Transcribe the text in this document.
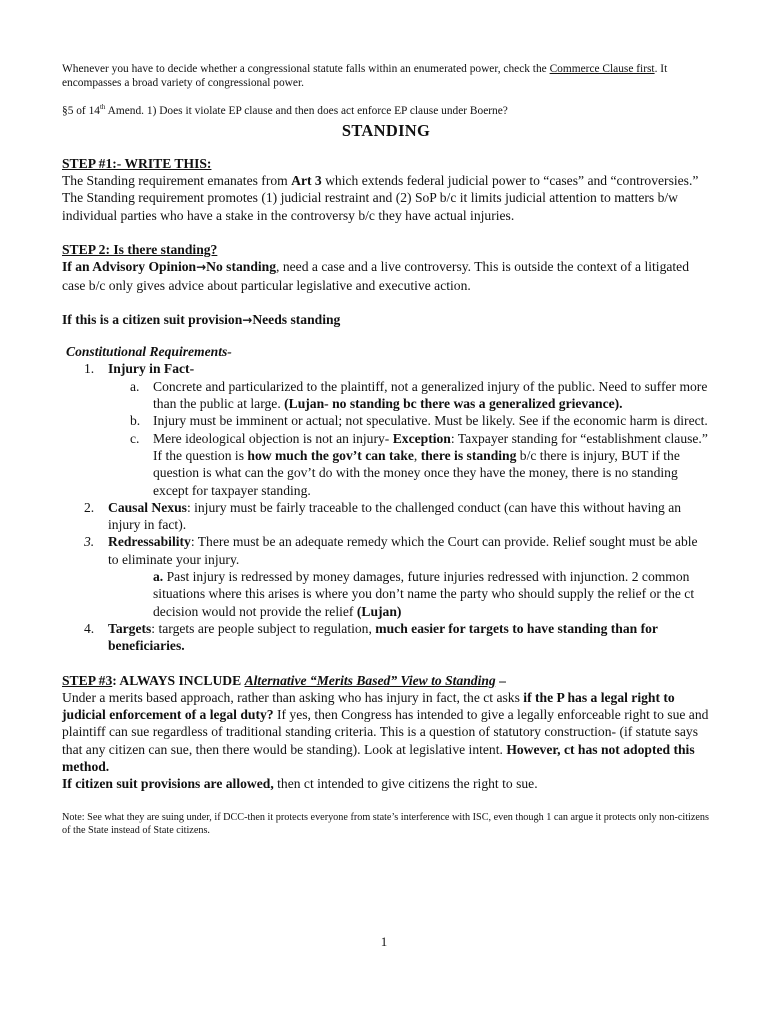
Whenever you have to decide whether a congressional statute falls within an enumerated power, check the Commerce Clause first. It encompasses a broad variety of congressional power.

§5 of 14th Amend. 1) Does it violate EP clause and then does act enforce EP clause under Boerne?

STANDING

STEP #1:- WRITE THIS:

The Standing requirement emanates from Art 3 which extends federal judicial power to “cases” and “controversies.” The Standing requirement promotes (1) judicial restraint and (2) SoP b/c it limits judicial attention to matters b/w individual parties who have a stake in the controversy b/c they have actual injuries.

STEP 2: Is there standing?

If an Advisory Opinion→No standing, need a case and a live controversy. This is outside the context of a litigated case b/c only gives advice about particular legislative and executive action.

If this is a citizen suit provision→Needs standing

Constitutional Requirements-

1. Injury in Fact-
a. Concrete and particularized to the plaintiff, not a generalized injury of the public. Need to suffer more than the public at large. (Lujan- no standing bc there was a generalized grievance).
b. Injury must be imminent or actual; not speculative. Must be likely. See if the economic harm is direct.
c. Mere ideological objection is not an injury- Exception: Taxpayer standing for “establishment clause.” If the question is how much the gov’t can take, there is standing b/c there is injury, BUT if the question is what can the gov’t do with the money once they have the money, there is no standing except for taxpayer standing.
2. Causal Nexus: injury must be fairly traceable to the challenged conduct (can have this without having an injury in fact).
3. Redressability: There must be an adequate remedy which the Court can provide. Relief sought must be able to eliminate your injury.

a. Past injury is redressed by money damages, future injuries redressed with injunction. 2 common situations where this arises is where you don’t name the party who should supply the relief or the ct decision would not provide the relief (Lujan)

4. Targets: targets are people subject to regulation, much easier for targets to have standing than for beneficiaries.

STEP #3: ALWAYS INCLUDE Alternative “Merits Based” View to Standing –

Under a merits based approach, rather than asking who has injury in fact, the ct asks if the P has a legal right to judicial enforcement of a legal duty? If yes, then Congress has intended to give a legally enforceable right to sue and plaintiff can sue regardless of traditional standing criteria. This is a question of statutory construction- (if statute says that any citizen can sue, then there would be standing). Look at legislative intent. However, ct has not adopted this method.

If citizen suit provisions are allowed, then ct intended to give citizens the right to sue.

Note: See what they are suing under, if DCC-then it protects everyone from state’s interference with ISC, even though 1 can argue it protects only non-citizens of the State instead of State citizens.

1
